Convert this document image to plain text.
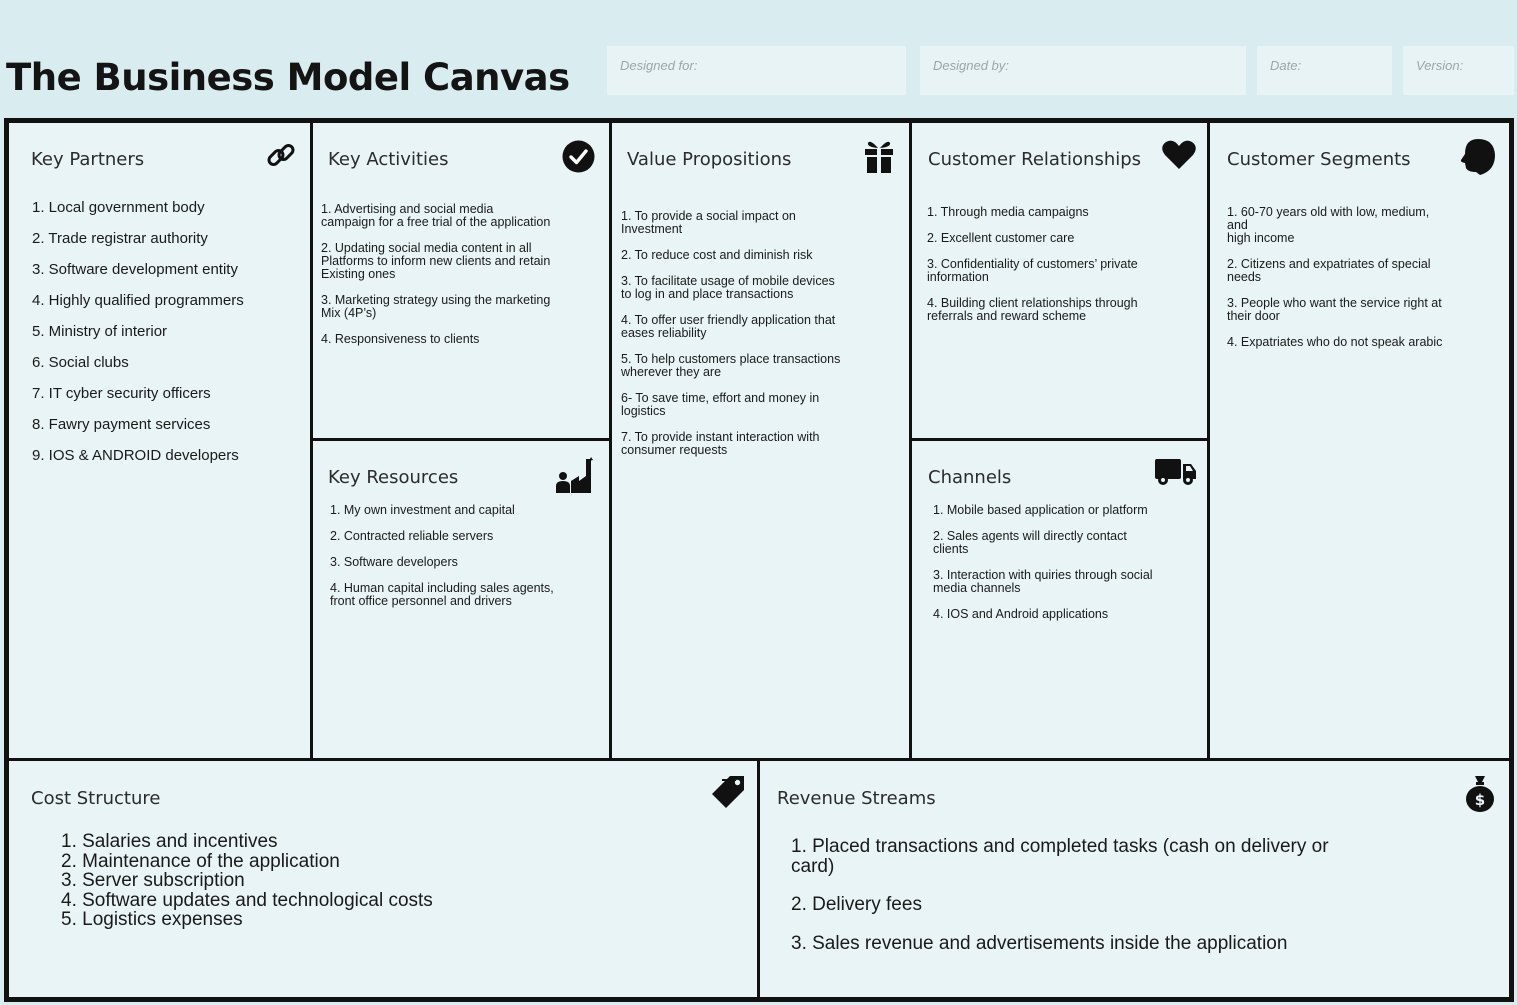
The Business Model Canvas	Designed for:	Designed by:	Date:	Version:
Key Partners
1. Local government body
2. Trade registrar authority
3. Software development entity
4. Highly qualified programmers
5. Ministry of interior
6. Social clubs
7. IT cyber security officers
8. Fawry payment services
9. IOS & ANDROID developers
Key Activities
1. Advertising and social media
campaign for a free trial of the application
2. Updating social media content in all
Platforms to inform new clients and retain
Existing ones
3. Marketing strategy using the marketing
Mix (4P’s)
4. Responsiveness to clients
Key Resources
1. My own investment and capital
2. Contracted reliable servers
3. Software developers
4. Human capital including sales agents,
front office personnel and drivers
Value Propositions
1. To provide a social impact on
Investment
2. To reduce cost and diminish risk
3. To facilitate usage of mobile devices
to log in and place transactions
4. To offer user friendly application that
eases reliability
5. To help customers place transactions
wherever they are
6- To save time, effort and money in
logistics
7. To provide instant interaction with
consumer requests
Customer Relationships
1. Through media campaigns
2. Excellent customer care
3. Confidentiality of customers’ private
information
4. Building client relationships through
referrals and reward scheme
Channels
1. Mobile based application or platform
2. Sales agents will directly contact
clients
3. Interaction with quiries through social
media channels
4. IOS and Android applications
Customer Segments
1. 60-70 years old with low, medium,
and
high income
2. Citizens and expatriates of special
needs
3. People who want the service right at
their door
4. Expatriates who do not speak arabic
Cost Structure
1. Salaries and incentives
2. Maintenance of the application
3. Server subscription
4. Software updates and technological costs
5. Logistics expenses
Revenue Streams	$
1. Placed transactions and completed tasks (cash on delivery or
card)
2. Delivery fees
3. Sales revenue and advertisements inside the application
